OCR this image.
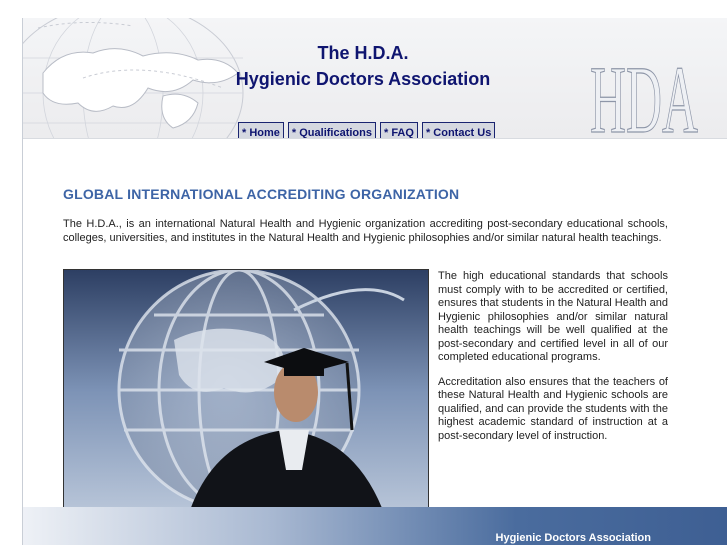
The H.D.A.
Hygienic Doctors Association	HDA
* Home	* Qualifications	* FAQ	* Contact Us
GLOBAL INTERNATIONAL ACCREDITING ORGANIZATION

The H.D.A., is an international Natural Health and Hygienic organization accrediting post-secondary educational schools, colleges, universities, and institutes in the Natural Health and Hygienic philosophies and/or similar natural health teachings.

The high educational standards that schools must comply with to be accredited or certified, ensures that students in the Natural Health and Hygienic philosophies and/or similar natural health teachings will be well qualified at the post-secondary and certified level in all of our completed educational programs.

Accreditation also ensures that the teachers of these Natural Health and Hygienic schools are qualified, and can provide the students with the highest academic standard of instruction at a post-secondary level of instruction.

Hygienic Doctors Association
